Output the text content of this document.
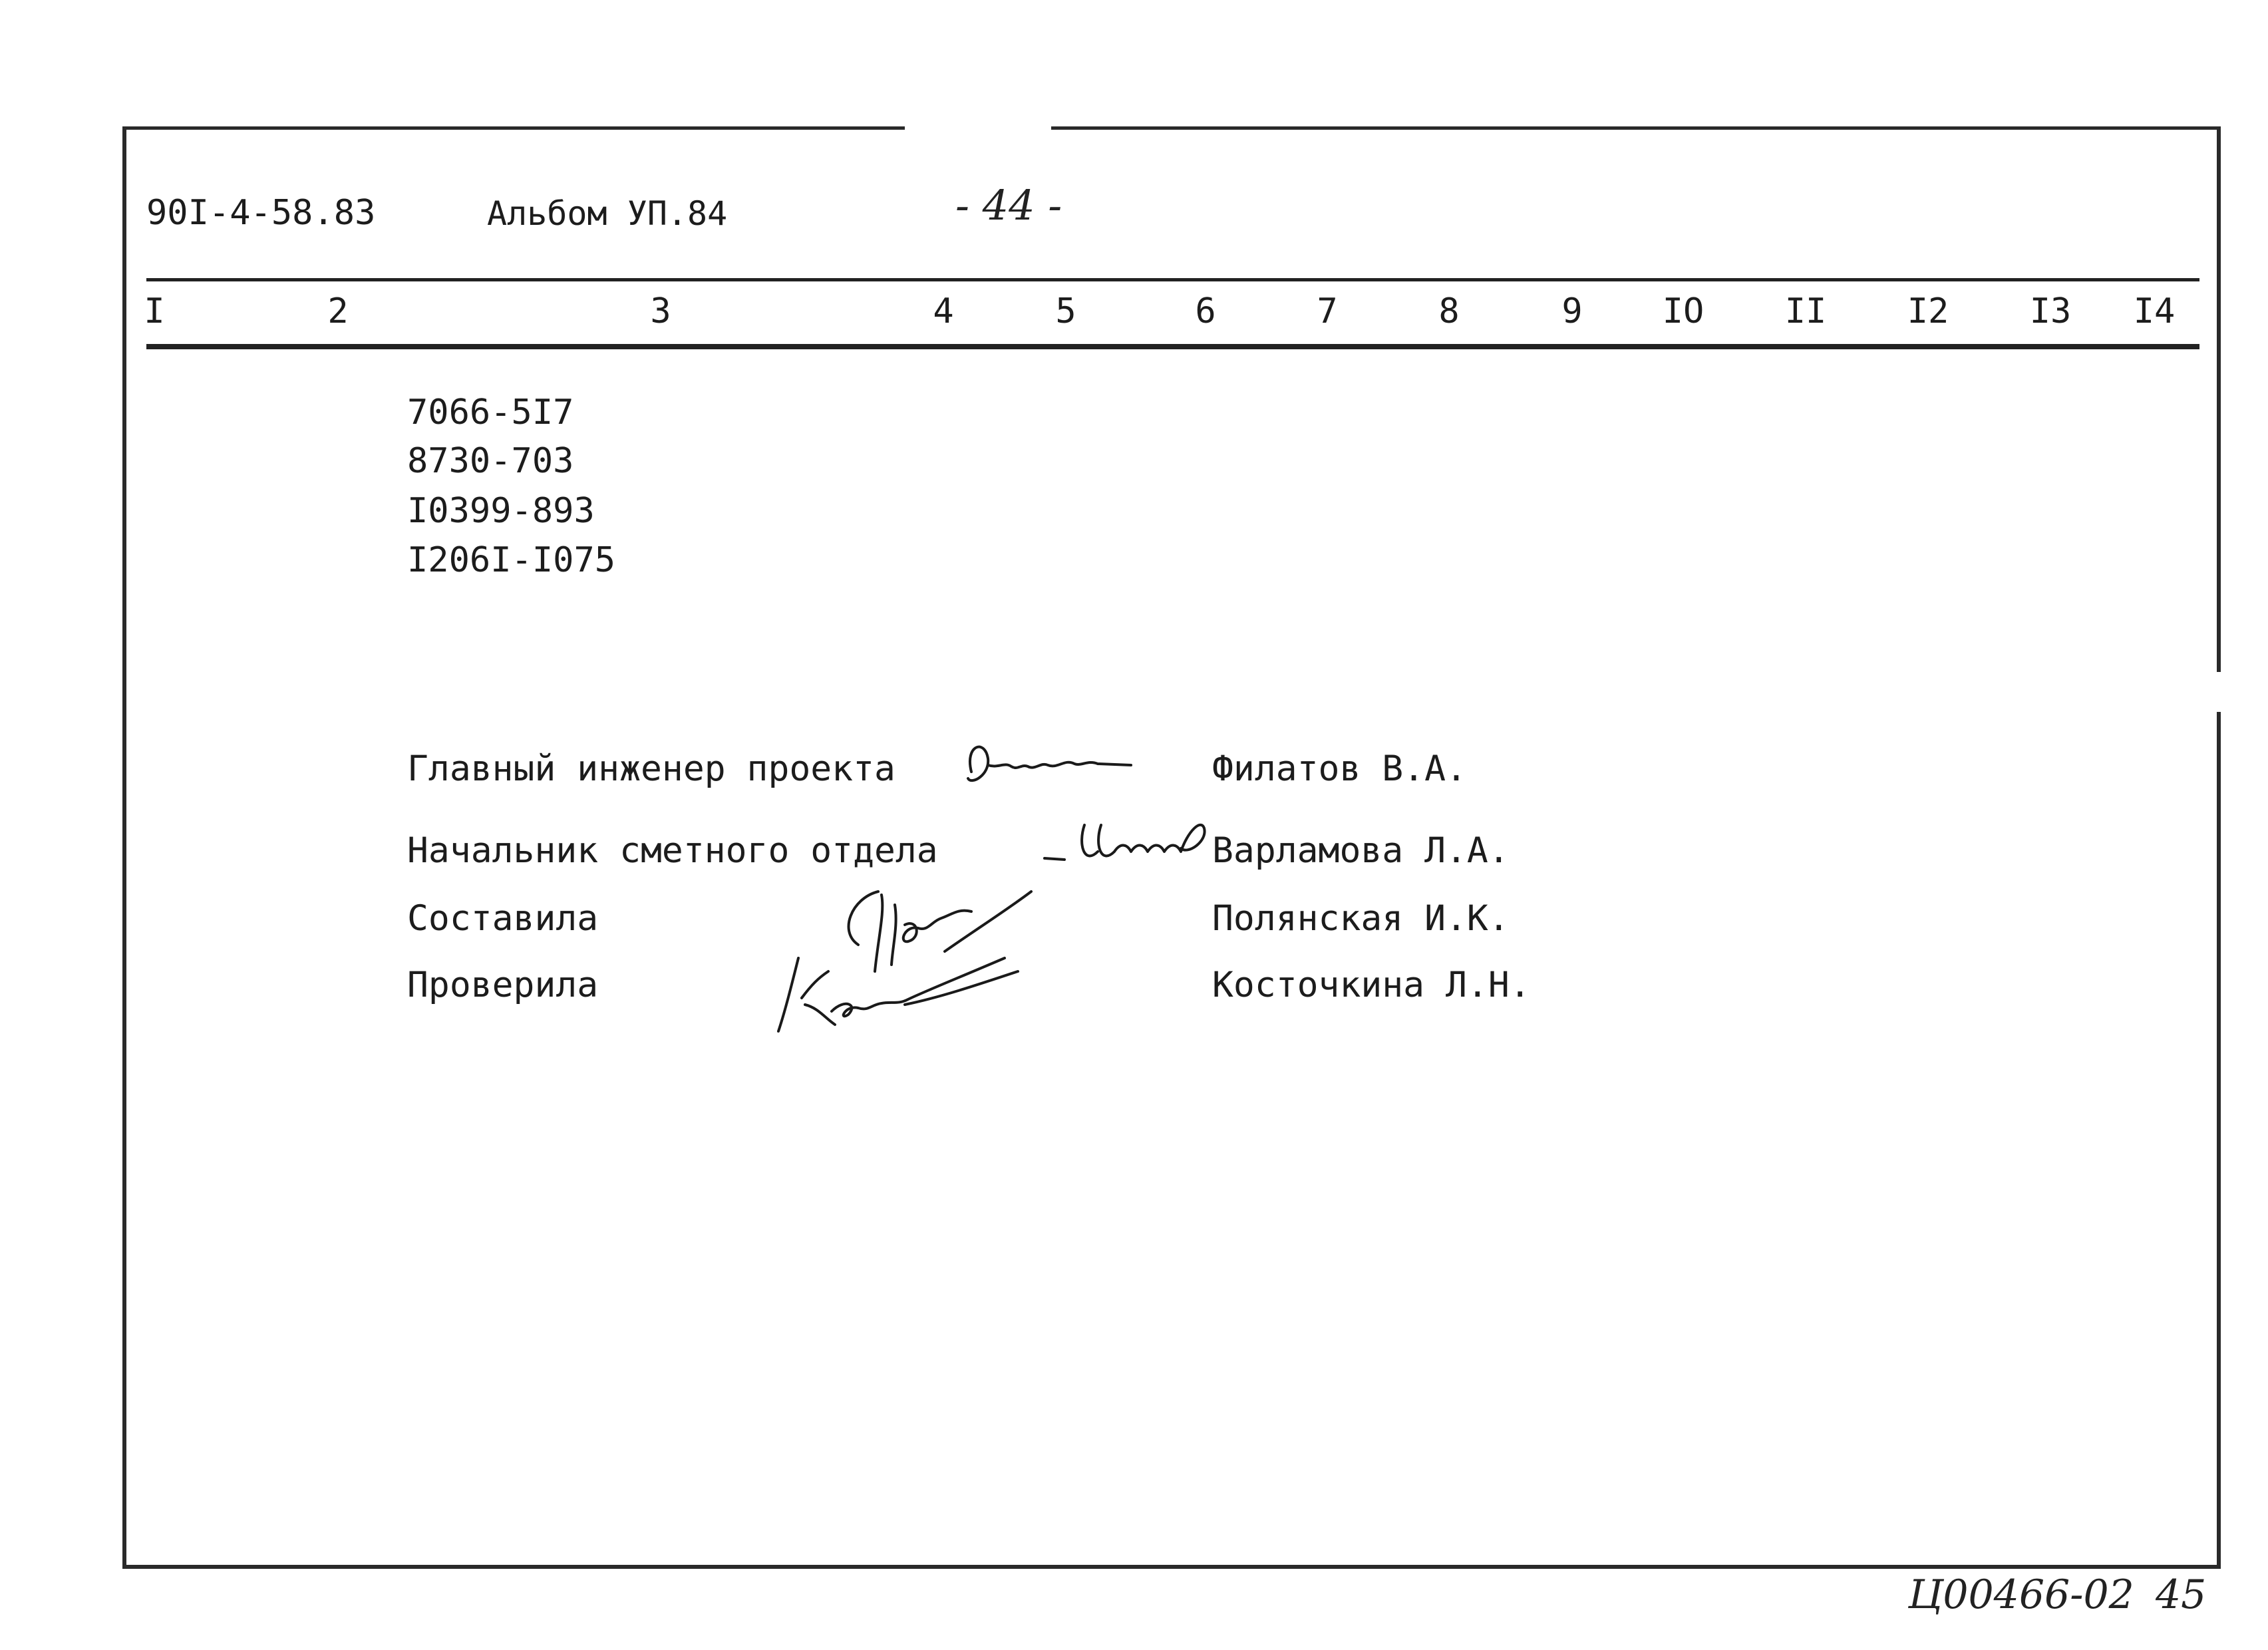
90I-4-58.83	Альбом УП.84	- 44 -
I	2	3	4	5	6	7	8	9 IO II I2 I3 I4
7066-5I7
8730-703
I0399-893
I206I-I075
Главный инженер проекта	Филатов В.А.
Начальник сметного отдела	Варламова Л.А.
Составила	Полянская И.К.
Проверила	Косточкина Л.Н.
Ц00466-02 45
